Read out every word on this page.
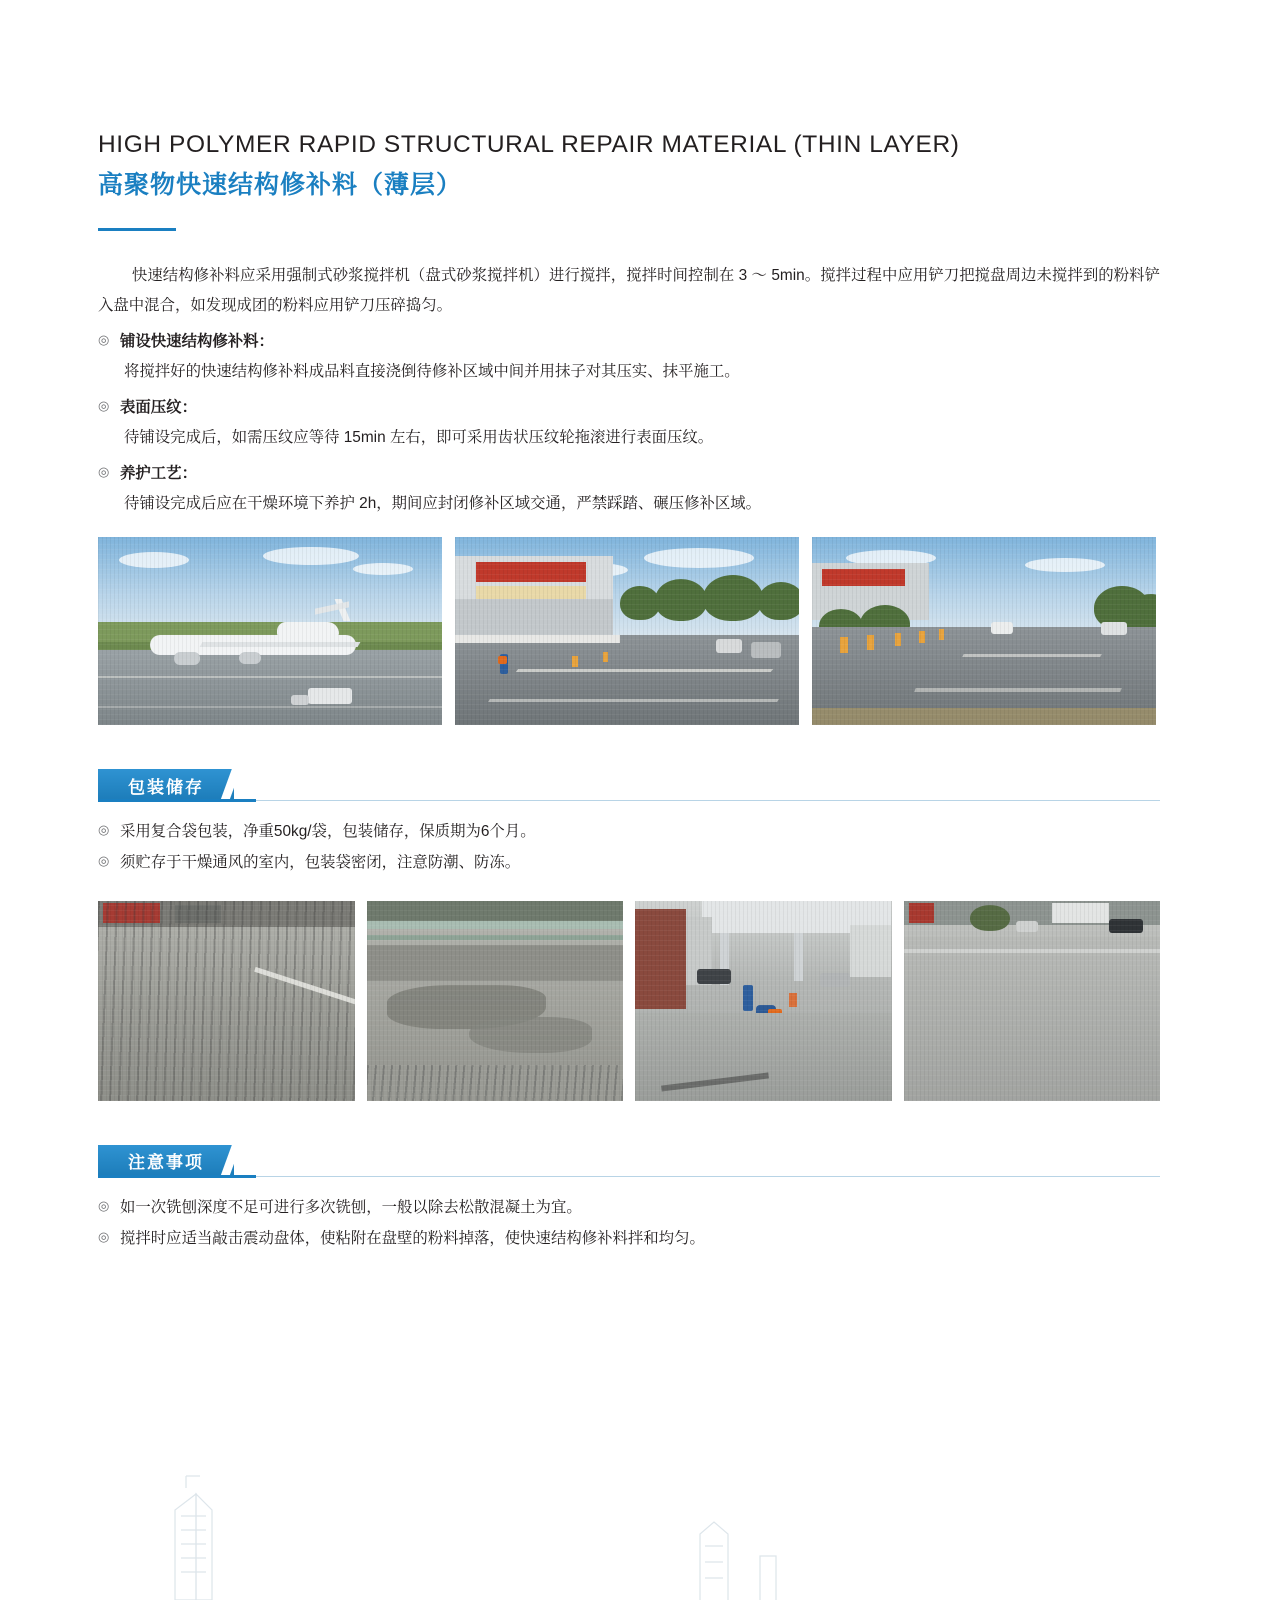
HIGH POLYMER RAPID STRUCTURAL REPAIR MATERIAL (THIN LAYER)
高聚物快速结构修补料（薄层）

快速结构修补料应采用强制式砂浆搅拌机（盘式砂浆搅拌机）进行搅拌，搅拌时间控制在 3 ～ 5min。搅拌过程中应用铲刀把搅盘周边未搅拌到的粉料铲入盘中混合，如发现成团的粉料应用铲刀压碎捣匀。

◎ 铺设快速结构修补料：

将搅拌好的快速结构修补料成品料直接浇倒待修补区域中间并用抹子对其压实、抹平施工。

◎ 表面压纹：

待铺设完成后，如需压纹应等待 15min 左右，即可采用齿状压纹轮拖滚进行表面压纹。

◎ 养护工艺：

待铺设完成后应在干燥环境下养护 2h，期间应封闭修补区域交通，严禁踩踏、碾压修补区域。

包装储存
◎ 采用复合袋包装，净重50kg/袋，包装储存，保质期为6个月。
◎ 须贮存于干燥通风的室内，包装袋密闭，注意防潮、防冻。
注意事项
◎ 如一次铣刨深度不足可进行多次铣刨，一般以除去松散混凝土为宜。
◎ 搅拌时应适当敲击震动盘体，使粘附在盘壁的粉料掉落，使快速结构修补料拌和均匀。
